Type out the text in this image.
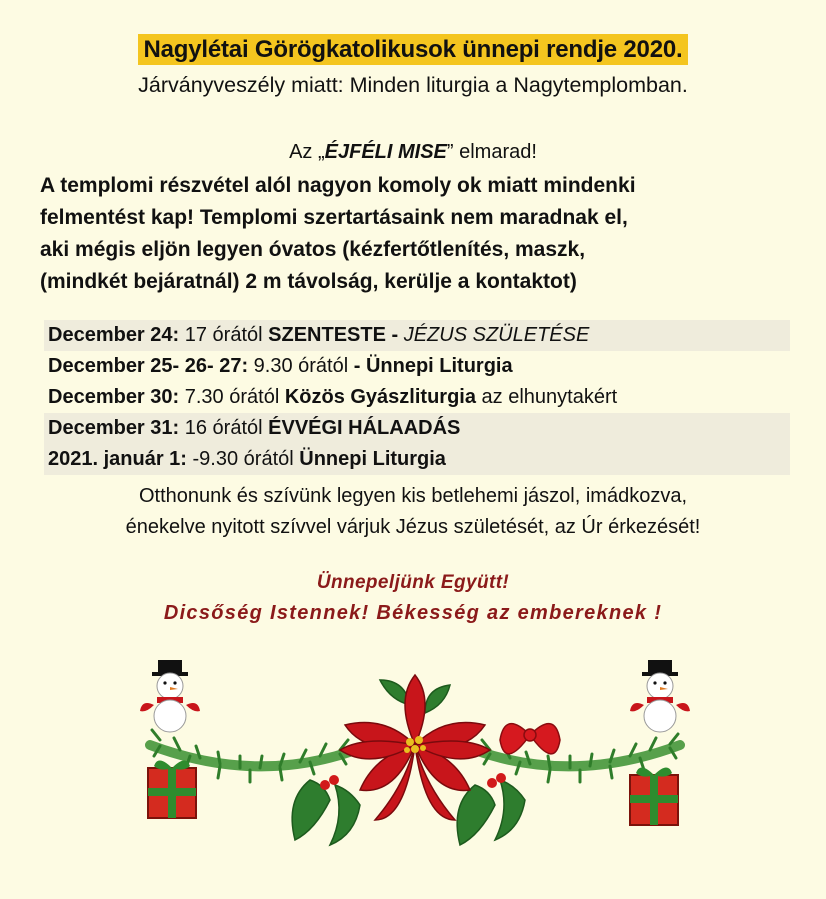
Nagylétai Görögkatolikusok ünnepi rendje 2020.
Járványveszély miatt: Minden liturgia a Nagytemplomban.
Az „ÉJFÉLI MISE” elmarad!
A templomi részvétel alól nagyon komoly ok miatt mindenki
felmentést kap! Templomi szertartásaink nem maradnak el,
aki mégis eljön legyen óvatos (kézfertőtlenítés, maszk,
(mindkét bejáratnál) 2 m távolság, kerülje a kontaktot)
December 24: 17 órától SZENTESTE - JÉZUS SZÜLETÉSE
December 25- 26- 27: 9.30 órától - Ünnepi Liturgia
December 30: 7.30 órától Közös Gyászliturgia az elhunytakért
December 31: 16 órától ÉVVÉGI HÁLAADÁS
2021. január 1: -9.30 órától Ünnepi Liturgia
Otthonunk és szívünk legyen kis betlehemi jászol, imádkozva,
énekelve nyitott szívvel várjuk Jézus születését, az Úr érkezését!
Ünnepeljünk Együtt!
Dicsőség Istennek! Békesség az embereknek !
